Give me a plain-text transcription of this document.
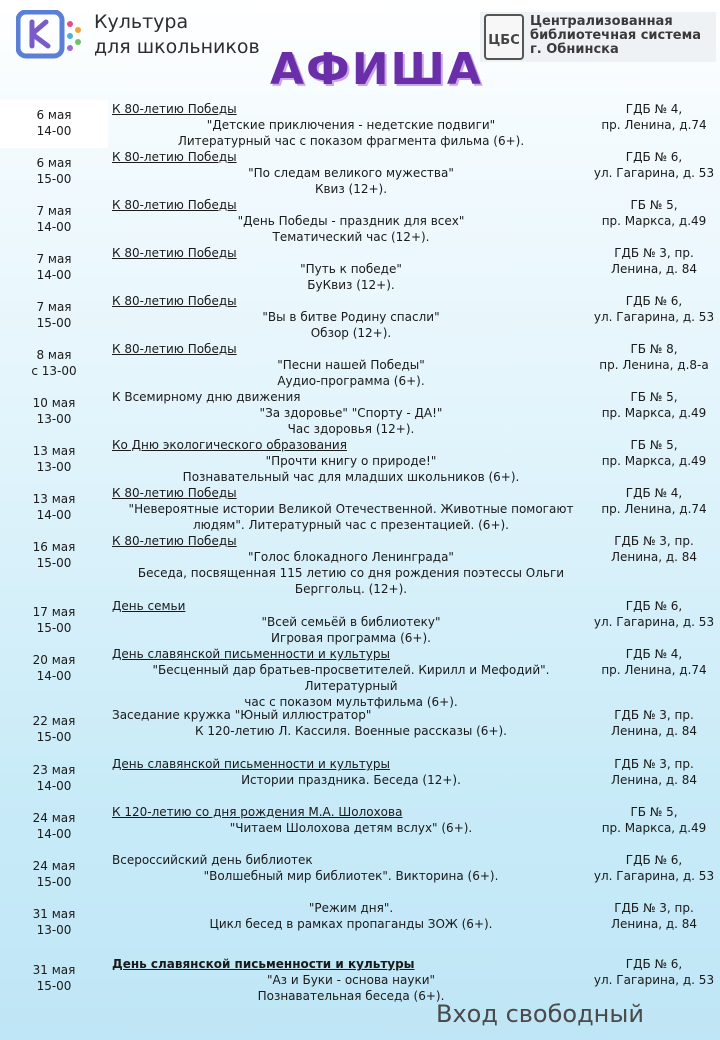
Культура
для школьников	ЦБС
Централизованная
библиотечная система
г. Обнинска
АФИША
6 мая
14-00
К 80-летию Победы
"Детские приключения - недетские подвиги"
Литературный час с показом фрагмента фильма (6+).
ГДБ № 4,
пр. Ленина, д.74
6 мая
15-00
К 80-летию Победы
"По следам великого мужества"
Квиз (12+).
ГДБ № 6,
ул. Гагарина, д. 53
7 мая
14-00
К 80-летию Победы
"День Победы - праздник для всех"
Тематический час (12+).
ГБ № 5,
пр. Маркса, д.49
7 мая
14-00
К 80-летию Победы
"Путь к победе"
БуКвиз (12+).
ГДБ № 3, пр.
Ленина, д. 84
7 мая
15-00
К 80-летию Победы
"Вы в битве Родину спасли"
Обзор (12+).
ГДБ № 6,
ул. Гагарина, д. 53
8 мая
с 13-00
К 80-летию Победы
"Песни нашей Победы"
Аудио-программа (6+).
ГБ № 8,
пр. Ленина, д.8-а
10 мая
13-00
К Всемирному дню движения
"За здоровье" "Спорту - ДА!"
Час здоровья (12+).
ГБ № 5,
пр. Маркса, д.49
13 мая
13-00
Ко Дню экологического образования
"Прочти книгу о природе!"
Познавательный час для младших школьников (6+).
ГБ № 5,
пр. Маркса, д.49
13 мая
14-00
К 80-летию Победы
"Невероятные истории Великой Отечественной. Животные помогают
людям". Литературный час с презентацией. (6+).
ГДБ № 4,
пр. Ленина, д.74
16 мая
15-00
К 80-летию Победы
"Голос блокадного Ленинграда"
Беседа, посвященная 115 летию со дня рождения поэтессы Ольги
Берггольц. (12+).
ГДБ № 3, пр.
Ленина, д. 84
17 мая
15-00
День семьи
"Всей семьёй в библиотеку"
Игровая программа (6+).
ГДБ № 6,
ул. Гагарина, д. 53
20 мая
14-00
День славянской письменности и культуры
"Бесценный дар братьев-просветителей. Кирилл и Мефодий". Литературный
час с показом мультфильма (6+).
ГДБ № 4,
пр. Ленина, д.74
22 мая
15-00
Заседание кружка "Юный иллюстратор"
К 120-летию Л. Кассиля. Военные рассказы (6+).
ГДБ № 3, пр.
Ленина, д. 84
23 мая
14-00
День славянской письменности и культуры
Истории праздника. Беседа (12+).
ГДБ № 3, пр.
Ленина, д. 84
24 мая
14-00
К 120-летию со дня рождения М.А. Шолохова
"Читаем Шолохова детям вслух" (6+).
ГБ № 5,
пр. Маркса, д.49
24 мая
15-00
Всероссийский день библиотек
"Волшебный мир библиотек". Викторина (6+).
ГДБ № 6,
ул. Гагарина, д. 53
31 мая
13-00
"Режим дня".
Цикл бесед в рамках пропаганды ЗОЖ (6+).
ГДБ № 3, пр.
Ленина, д. 84
31 мая
15-00
День славянской письменности и культуры
"Аз и Буки - основа науки"
Познавательная беседа (6+).
ГДБ № 6,
ул. Гагарина, д. 53
Вход свободный
